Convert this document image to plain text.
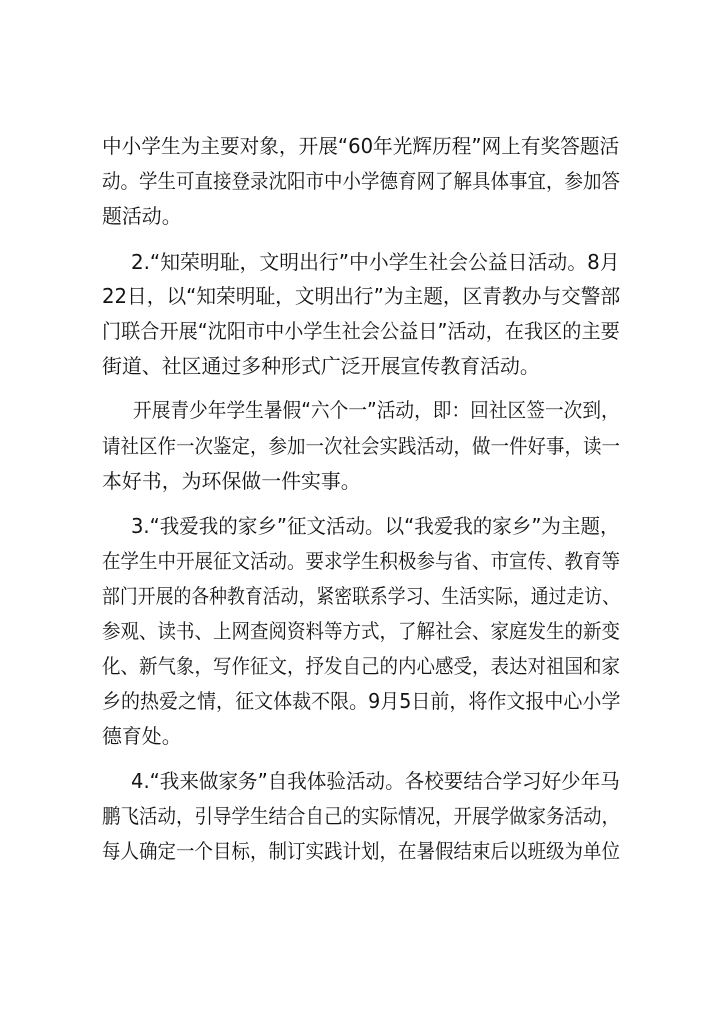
中小学生为主要对象，开展“60年光辉历程”网上有奖答题活
动。学生可直接登录沈阳市中小学德育网了解具体事宜，参加答
题活动。
2.“知荣明耻，文明出行”中小学生社会公益日活动。8月
22日，以“知荣明耻，文明出行”为主题，区青教办与交警部
门联合开展“沈阳市中小学生社会公益日”活动，在我区的主要
街道、社区通过多种形式广泛开展宣传教育活动。
开展青少年学生暑假“六个一”活动，即：回社区签一次到，
请社区作一次鉴定，参加一次社会实践活动，做一件好事，读一
本好书，为环保做一件实事。
3.“我爱我的家乡”征文活动。以“我爱我的家乡”为主题，
在学生中开展征文活动。要求学生积极参与省、市宣传、教育等
部门开展的各种教育活动，紧密联系学习、生活实际，通过走访、
参观、读书、上网查阅资料等方式，了解社会、家庭发生的新变
化、新气象，写作征文，抒发自己的内心感受，表达对祖国和家
乡的热爱之情，征文体裁不限。9月5日前，将作文报中心小学
德育处。
4.“我来做家务”自我体验活动。各校要结合学习好少年马
鹏飞活动，引导学生结合自己的实际情况，开展学做家务活动，
每人确定一个目标，制订实践计划，在暑假结束后以班级为单位
